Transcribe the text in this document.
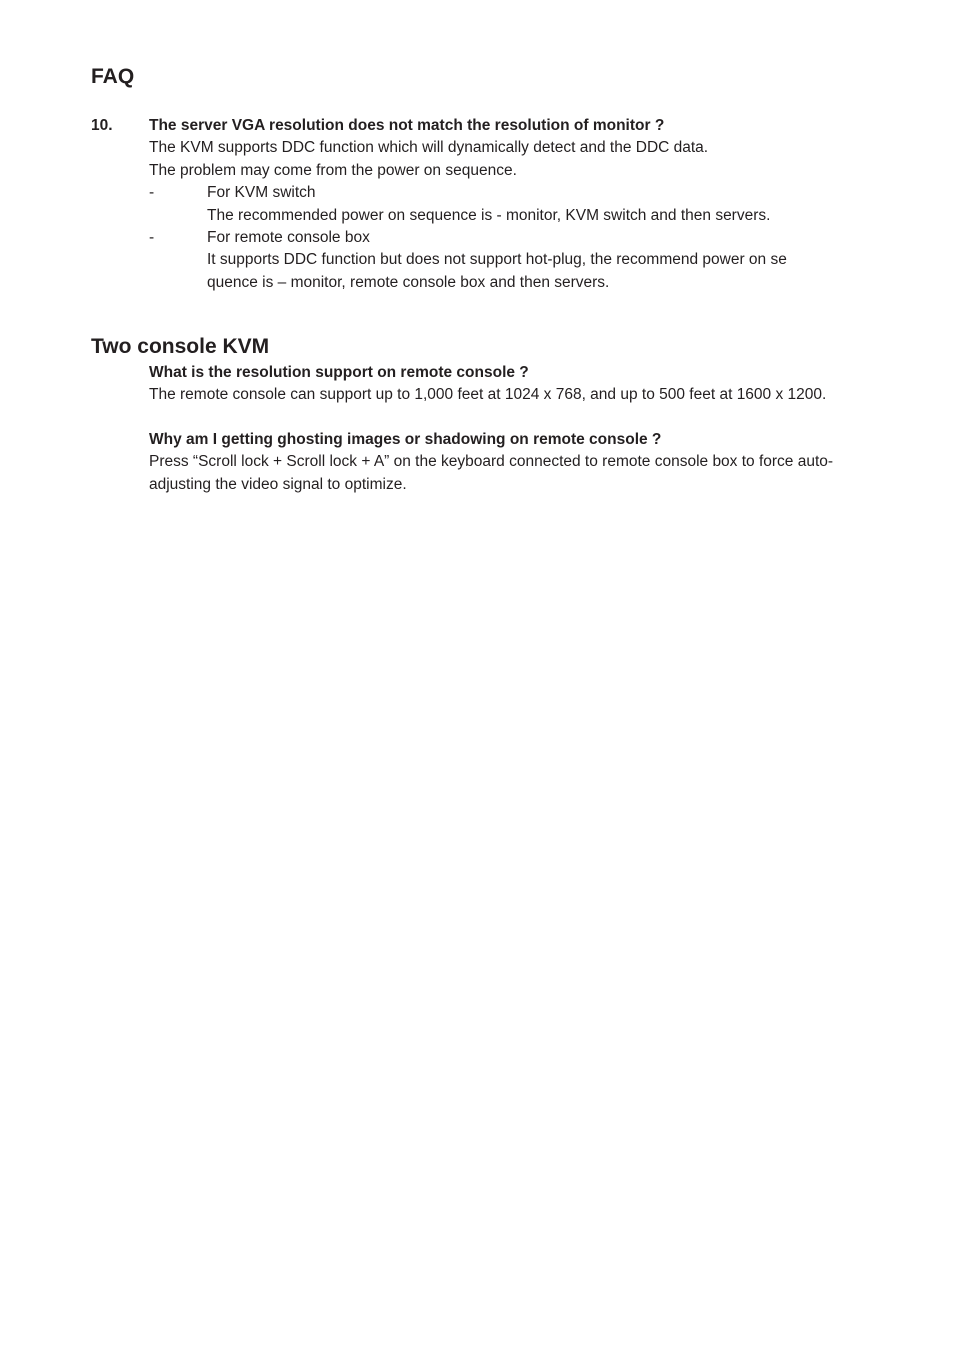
FAQ
10. The server VGA resolution does not match the resolution of monitor ?
The KVM supports DDC function which will dynamically detect and the DDC data.
The problem may come from the power on sequence.
-	For KVM switch
The recommended power on sequence is - monitor, KVM switch and then servers.
-	For remote console box
It supports DDC function but does not support hot-plug, the recommend power on se
quence is – monitor, remote console box and then servers.
Two console KVM
What is the resolution support on remote console ?
The remote console can support up to 1,000 feet at 1024 x 768, and up to 500 feet at 1600 x 1200.
Why am I getting ghosting images or shadowing on remote console ?
Press “Scroll lock + Scroll lock + A” on the keyboard connected to remote console box to force auto-
adjusting the video signal to optimize.
